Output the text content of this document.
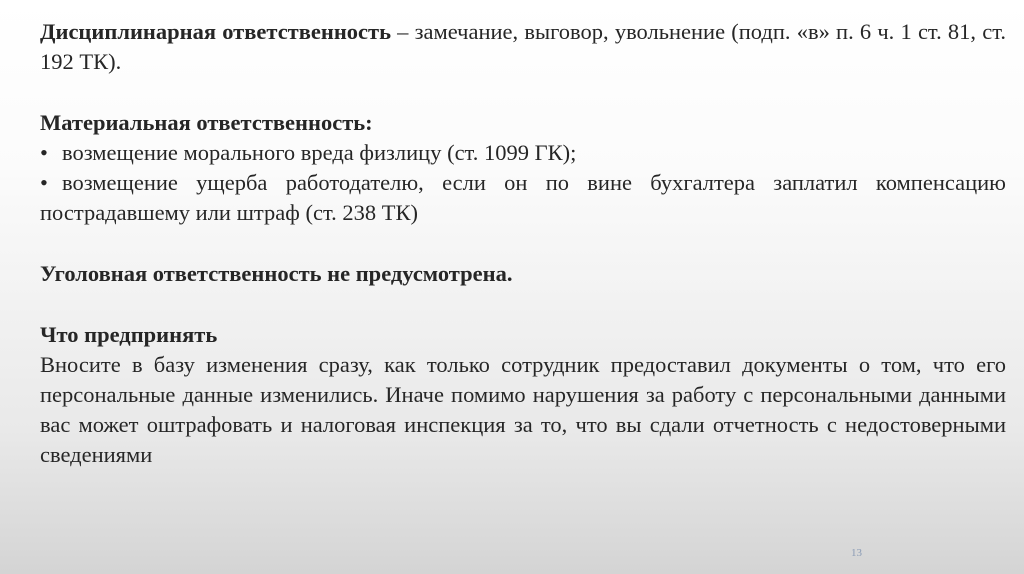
Дисциплинарная ответственность – замечание, выговор, увольнение (подп. «в» п. 6 ч. 1 ст. 81, ст. 192 ТК).

Материальная ответственность:

• возмещение морального вреда физлицу (ст. 1099 ГК);

• возмещение ущерба работодателю, если он по вине бухгалтера заплатил компенсацию пострадавшему или штраф (ст. 238 ТК)

Уголовная ответственность не предусмотрена.

Что предпринять

Вносите в базу изменения сразу, как только сотрудник предоставил документы о том, что его персональные данные изменились. Иначе помимо нарушения за работу с персональными данными вас может оштрафовать и налоговая инспекция за то, что вы сдали отчетность с недостоверными сведениями

13
